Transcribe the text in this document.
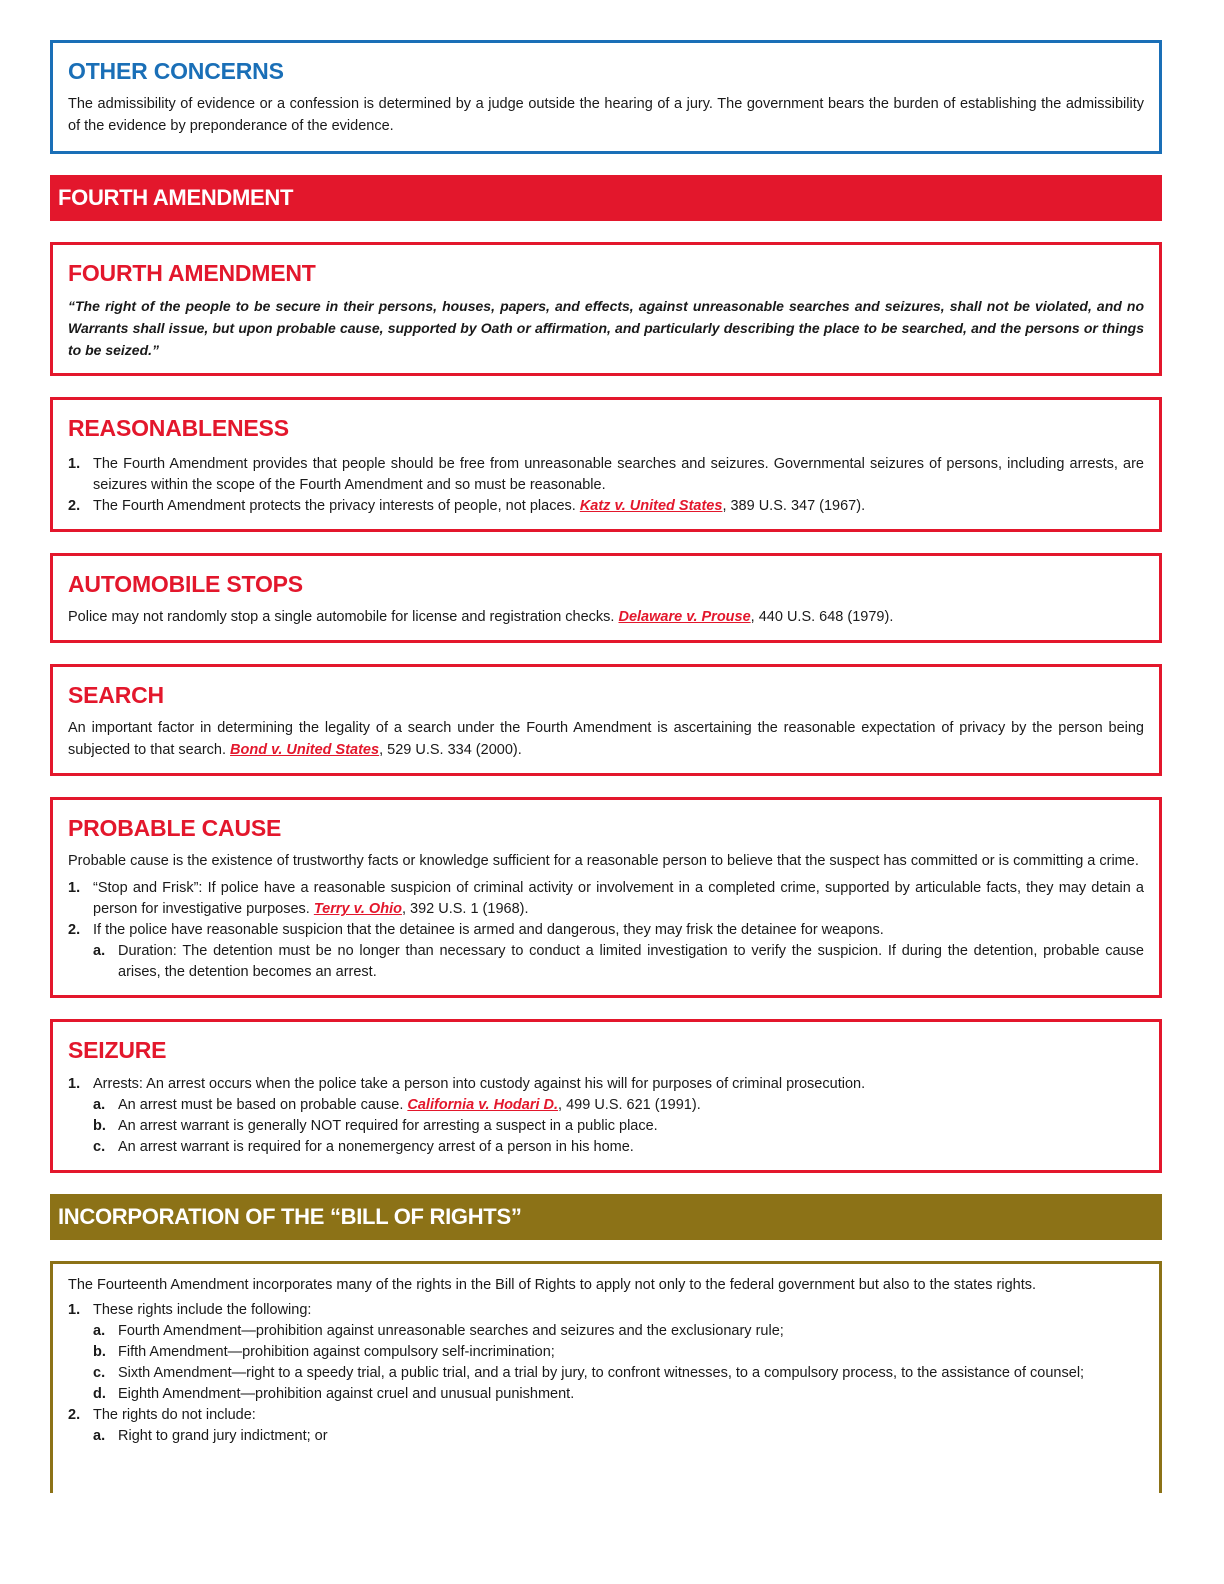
OTHER CONCERNS

The admissibility of evidence or a confession is determined by a judge outside the hearing of a jury. The government bears the burden of establishing the admissibility of the evidence by preponderance of the evidence.

FOURTH AMENDMENT
FOURTH AMENDMENT

“The right of the people to be secure in their persons, houses, papers, and effects, against unreasonable searches and seizures, shall not be violated, and no Warrants shall issue, but upon probable cause, supported by Oath or affirmation, and particularly describing the place to be searched, and the persons or things to be seized.”

REASONABLENESS
1. The Fourth Amendment provides that people should be free from unreasonable searches and seizures. Governmental seizures of persons, including arrests, are seizures within the scope of the Fourth Amendment and so must be reasonable.
2. The Fourth Amendment protects the privacy interests of people, not places. Katz v. United States, 389 U.S. 347 (1967).
AUTOMOBILE STOPS

Police may not randomly stop a single automobile for license and registration checks. Delaware v. Prouse, 440 U.S. 648 (1979).

SEARCH

An important factor in determining the legality of a search under the Fourth Amendment is ascertaining the reasonable expectation of privacy by the person being subjected to that search. Bond v. United States, 529 U.S. 334 (2000).

PROBABLE CAUSE

Probable cause is the existence of trustworthy facts or knowledge sufficient for a reasonable person to believe that the suspect has committed or is committing a crime.

1. “Stop and Frisk”: If police have a reasonable suspicion of criminal activity or involvement in a completed crime, supported by articulable facts, they may detain a person for investigative purposes. Terry v. Ohio, 392 U.S. 1 (1968).
2. If the police have reasonable suspicion that the detainee is armed and dangerous, they may frisk the detainee for weapons.
a. Duration: The detention must be no longer than necessary to conduct a limited investigation to verify the suspicion. If during the detention, probable cause arises, the detention becomes an arrest.
SEIZURE
1. Arrests: An arrest occurs when the police take a person into custody against his will for purposes of criminal prosecution.
a. An arrest must be based on probable cause. California v. Hodari D., 499 U.S. 621 (1991).
b. An arrest warrant is generally NOT required for arresting a suspect in a public place.
c. An arrest warrant is required for a nonemergency arrest of a person in his home.
INCORPORATION OF THE “BILL OF RIGHTS”

The Fourteenth Amendment incorporates many of the rights in the Bill of Rights to apply not only to the federal government but also to the states rights.

1. These rights include the following:
a. Fourth Amendment—prohibition against unreasonable searches and seizures and the exclusionary rule;
b. Fifth Amendment—prohibition against compulsory self-incrimination;
c. Sixth Amendment—right to a speedy trial, a public trial, and a trial by jury, to confront witnesses, to a compulsory process, to the assistance of counsel;
d. Eighth Amendment—prohibition against cruel and unusual punishment.
2. The rights do not include:
a. Right to grand jury indictment; or
